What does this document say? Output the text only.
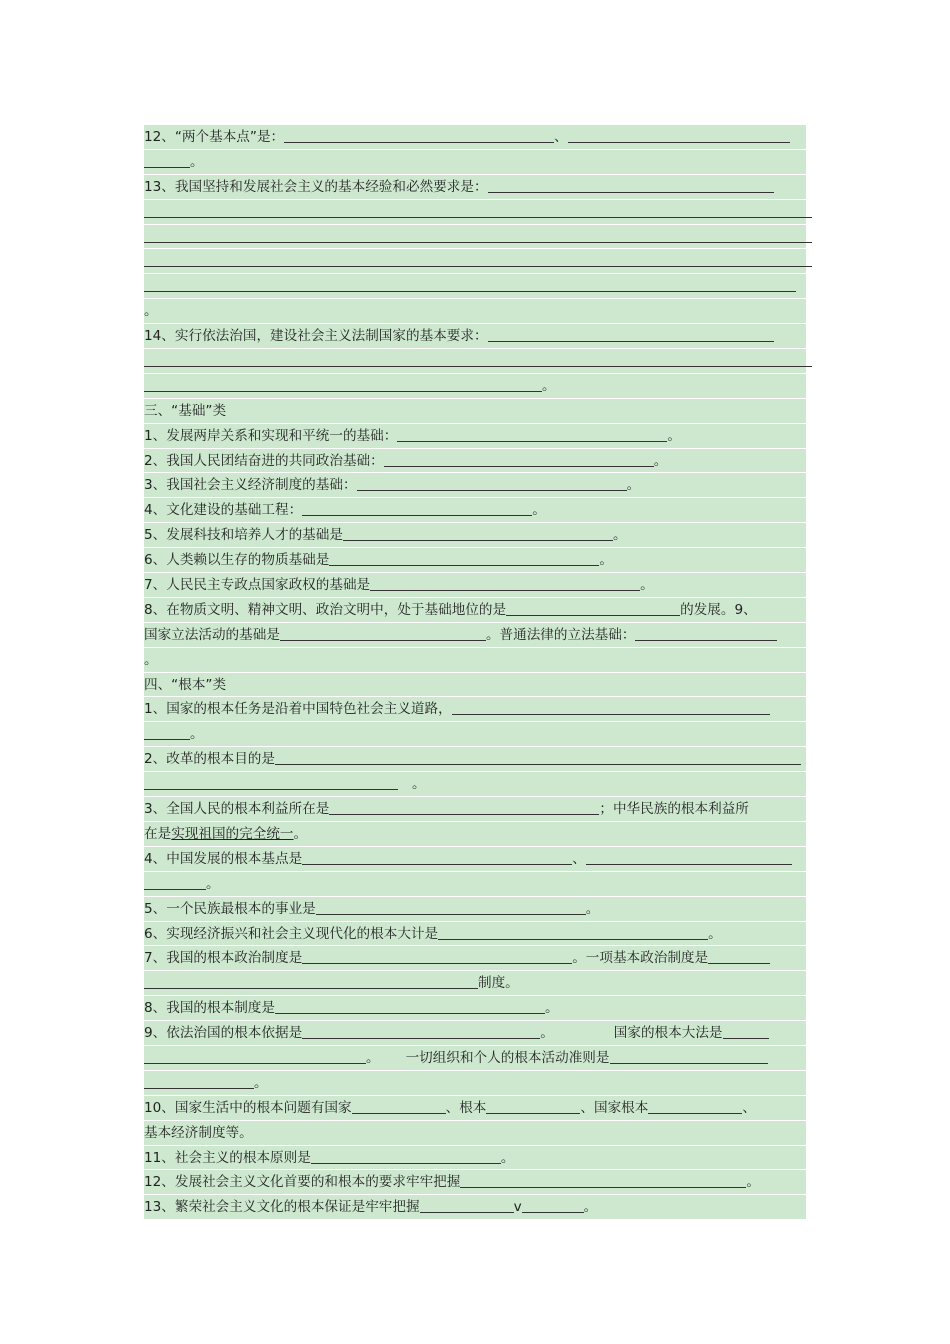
12、“两个基本点”是：	、
。
13、我国坚持和发展社会主义的基本经验和必然要求是：
。
14、实行依法治国，建设社会主义法制国家的基本要求：
。
三、“基础”类
1、发展两岸关系和实现和平统一的基础：	。
2、我国人民团结奋进的共同政治基础：	。
3、我国社会主义经济制度的基础：	。
4、文化建设的基础工程：	。
5、发展科技和培养人才的基础是	。
6、人类赖以生存的物质基础是	。
7、人民民主专政点国家政权的基础是	。
8、在物质文明、精神文明、政治文明中，处于基础地位的是	的发展。9、
国家立法活动的基础是	。普通法律的立法基础：
。
四、“根本”类
1、国家的根本任务是沿着中国特色社会主义道路，
。
2、改革的根本目的是
。
3、全国人民的根本利益所在是	；中华民族的根本利益所
在是实现祖国的完全统一。
4、中国发展的根本基点是	、
。
5、一个民族最根本的事业是	。
6、实现经济振兴和社会主义现代化的根本大计是	。
7、我国的根本政治制度是	。一项基本政治制度是
制度。
8、我国的根本制度是	。
9、依法治国的根本依据是	。	国家的根本大法是
。 一切组织和个人的根本活动准则是
。
10、国家生活中的根本问题有国家	、根本	、国家根本	、
基本经济制度等。
11、社会主义的根本原则是	。
12、发展社会主义文化首要的和根本的要求牢牢把握	。
13、繁荣社会主义文化的根本保证是牢牢把握	v	。
